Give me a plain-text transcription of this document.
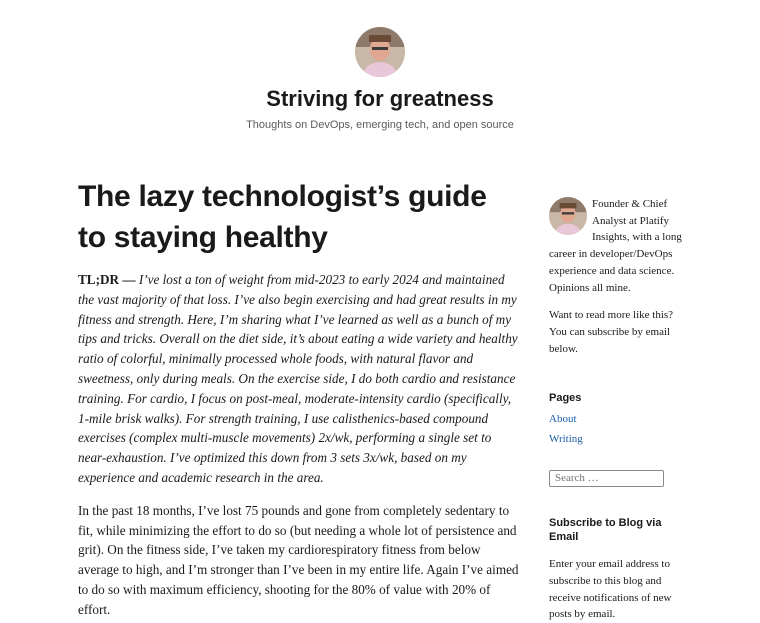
Striving for greatness
Thoughts on DevOps, emerging tech, and open source
The lazy technologist’s guide to staying healthy

TL;DR — I’ve lost a ton of weight from mid-2023 to early 2024 and maintained the vast majority of that loss. I’ve also begin exercising and had great results in my fitness and strength. Here, I’m sharing what I’ve learned as well as a bunch of my tips and tricks. Overall on the diet side, it’s about eating a wide variety and healthy ratio of colorful, minimally processed whole foods, with natural flavor and sweetness, only during meals. On the exercise side, I do both cardio and resistance training. For cardio, I focus on post-meal, moderate-intensity cardio (specifically, 1-mile brisk walks). For strength training, I use calisthenics-based compound exercises (complex multi-muscle movements) 2x/wk, performing a single set to near-exhaustion. I’ve optimized this down from 3 sets 3x/wk, based on my experience and academic research in the area.

In the past 18 months, I’ve lost 75 pounds and gone from completely sedentary to fit, while minimizing the effort to do so (but needing a whole lot of persistence and grit). On the fitness side, I’ve taken my cardiorespiratory fitness from below average to high, and I’m stronger than I’ve been in my entire life. Again I’ve aimed to do so with maximum efficiency, shooting for the 80% of value with 20% of effort.

Founder & Chief Analyst at Platify Insights, with a long career in developer/DevOps experience and data science. Opinions all mine.

Want to read more like this? You can subscribe by email below.

Pages
About
Writing
Search …
Subscribe to Blog via Email

Enter your email address to subscribe to this blog and receive notifications of new posts by email.
